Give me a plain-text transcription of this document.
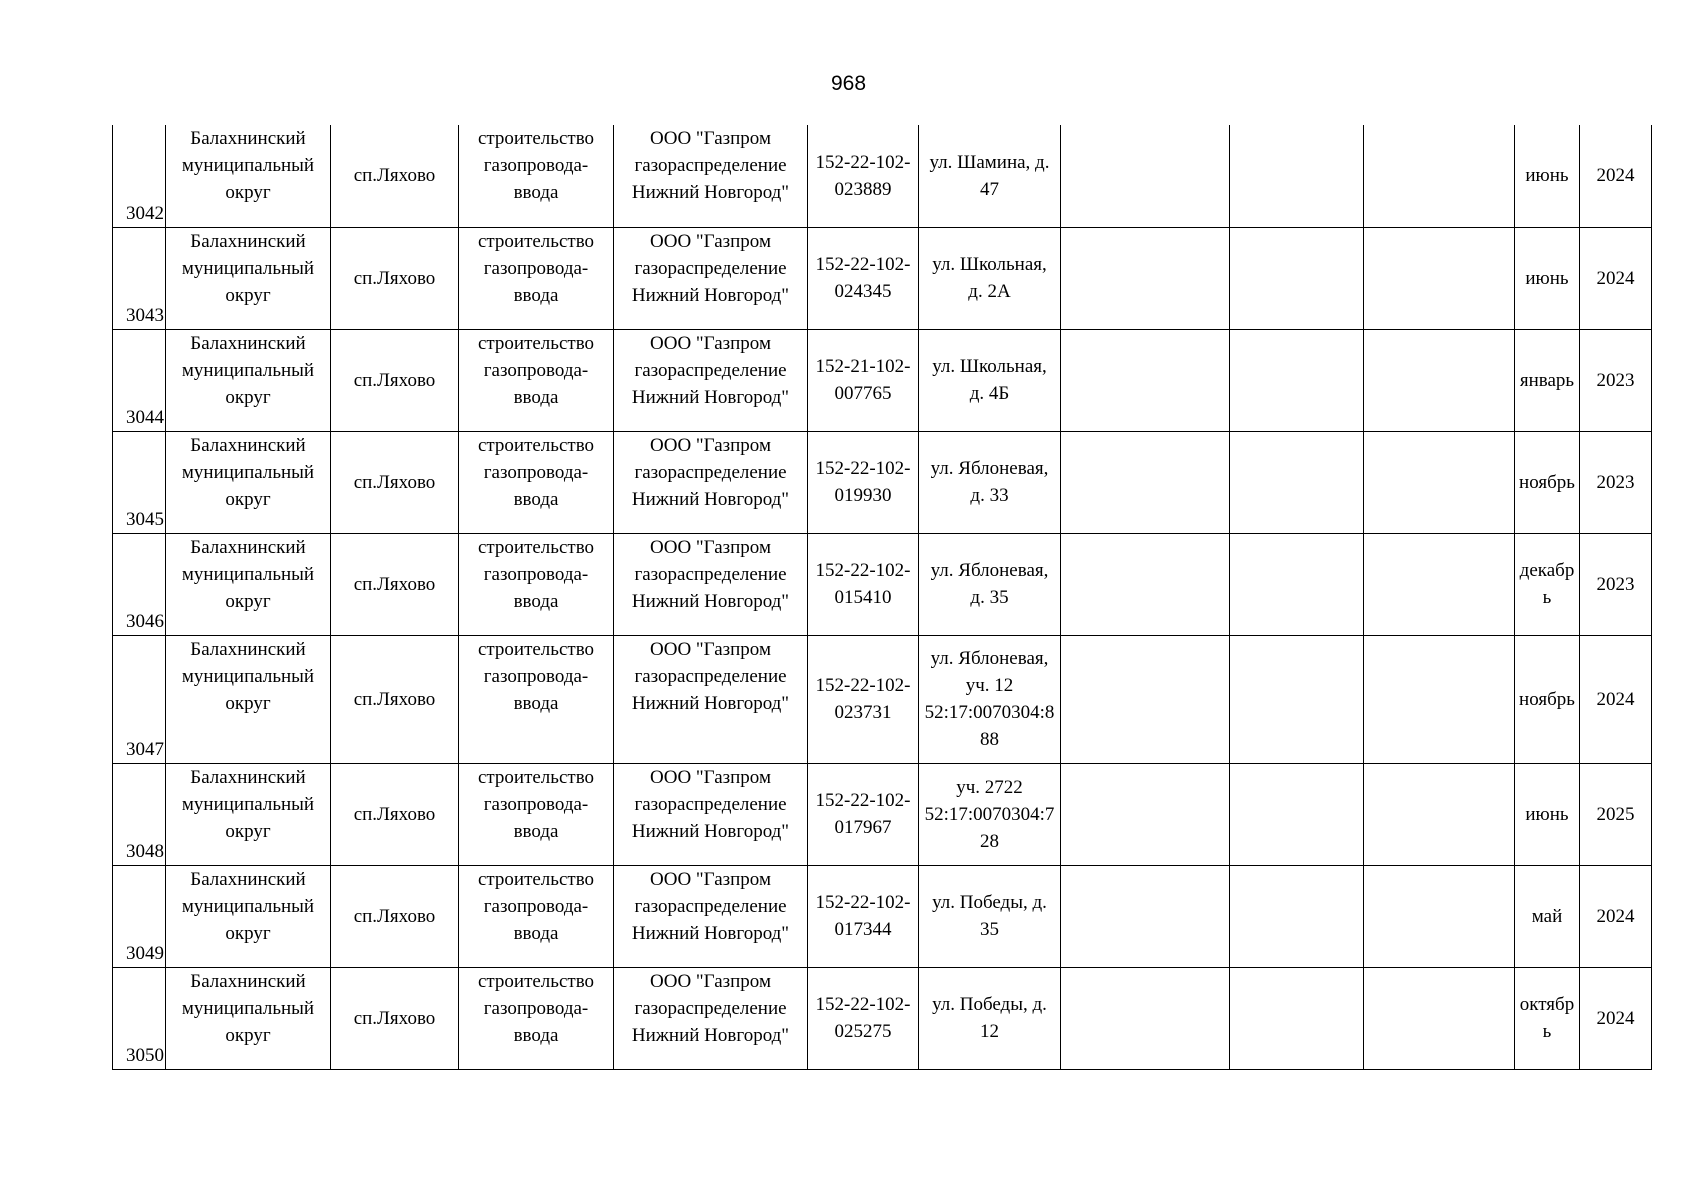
968
3042	Балахнинский
муниципальный
округ	сп.Ляхово	строительство
газопровода-
ввода	ООО "Газпром
газораспределение
Нижний Новгород"	152-22-102-
023889	ул. Шамина, д.
47				июнь	2024
3043	Балахнинский
муниципальный
округ	сп.Ляхово	строительство
газопровода-
ввода	ООО "Газпром
газораспределение
Нижний Новгород"	152-22-102-
024345	ул. Школьная,
д. 2А				июнь	2024
3044	Балахнинский
муниципальный
округ	сп.Ляхово	строительство
газопровода-
ввода	ООО "Газпром
газораспределение
Нижний Новгород"	152-21-102-
007765	ул. Школьная,
д. 4Б				январь	2023
3045	Балахнинский
муниципальный
округ	сп.Ляхово	строительство
газопровода-
ввода	ООО "Газпром
газораспределение
Нижний Новгород"	152-22-102-
019930	ул. Яблоневая,
д. 33				ноябрь	2023
3046	Балахнинский
муниципальный
округ	сп.Ляхово	строительство
газопровода-
ввода	ООО "Газпром
газораспределение
Нижний Новгород"	152-22-102-
015410	ул. Яблоневая,
д. 35				декабр
ь	2023
3047	Балахнинский
муниципальный
округ	сп.Ляхово	строительство
газопровода-
ввода	ООО "Газпром
газораспределение
Нижний Новгород"	152-22-102-
023731	ул. Яблоневая,
уч. 12
52:17:0070304:8
88				ноябрь	2024
3048	Балахнинский
муниципальный
округ	сп.Ляхово	строительство
газопровода-
ввода	ООО "Газпром
газораспределение
Нижний Новгород"	152-22-102-
017967	уч. 2722
52:17:0070304:7
28				июнь	2025
3049	Балахнинский
муниципальный
округ	сп.Ляхово	строительство
газопровода-
ввода	ООО "Газпром
газораспределение
Нижний Новгород"	152-22-102-
017344	ул. Победы, д.
35				май	2024
3050	Балахнинский
муниципальный
округ	сп.Ляхово	строительство
газопровода-
ввода	ООО "Газпром
газораспределение
Нижний Новгород"	152-22-102-
025275	ул. Победы, д.
12				октябр
ь	2024
